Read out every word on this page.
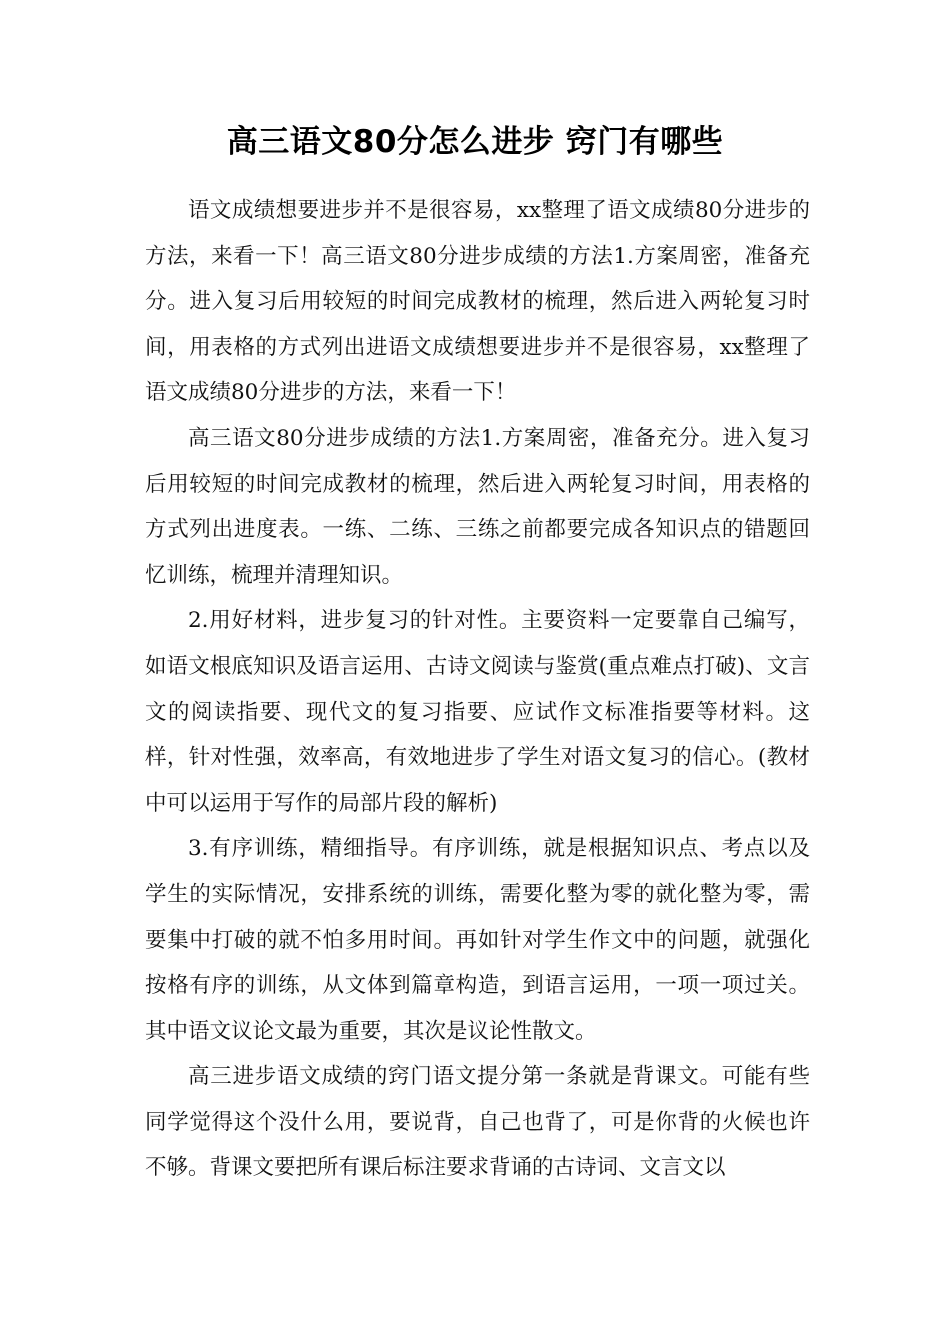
高三语文80分怎么进步 窍门有哪些

语文成绩想要进步并不是很容易，xx整理了语文成绩80分进步的方法，来看一下！高三语文80分进步成绩的方法1.方案周密，准备充分。进入复习后用较短的时间完成教材的梳理，然后进入两轮复习时间，用表格的方式列出进语文成绩想要进步并不是很容易，xx整理了语文成绩80分进步的方法，来看一下！

高三语文80分进步成绩的方法1.方案周密，准备充分。进入复习后用较短的时间完成教材的梳理，然后进入两轮复习时间，用表格的方式列出进度表。一练、二练、三练之前都要完成各知识点的错题回忆训练，梳理并清理知识。

2.用好材料，进步复习的针对性。主要资料一定要靠自己编写，如语文根底知识及语言运用、古诗文阅读与鉴赏(重点难点打破)、文言文的阅读指要、现代文的复习指要、应试作文标准指要等材料。这样，针对性强，效率高，有效地进步了学生对语文复习的信心。(教材中可以运用于写作的局部片段的解析)

3.有序训练，精细指导。有序训练，就是根据知识点、考点以及学生的实际情况，安排系统的训练，需要化整为零的就化整为零，需要集中打破的就不怕多用时间。再如针对学生作文中的问题，就强化按格有序的训练，从文体到篇章构造，到语言运用，一项一项过关。其中语文议论文最为重要，其次是议论性散文。

高三进步语文成绩的窍门语文提分第一条就是背课文。可能有些同学觉得这个没什么用，要说背，自己也背了，可是你背的火候也许不够。背课文要把所有课后标注要求背诵的古诗词、文言文以
